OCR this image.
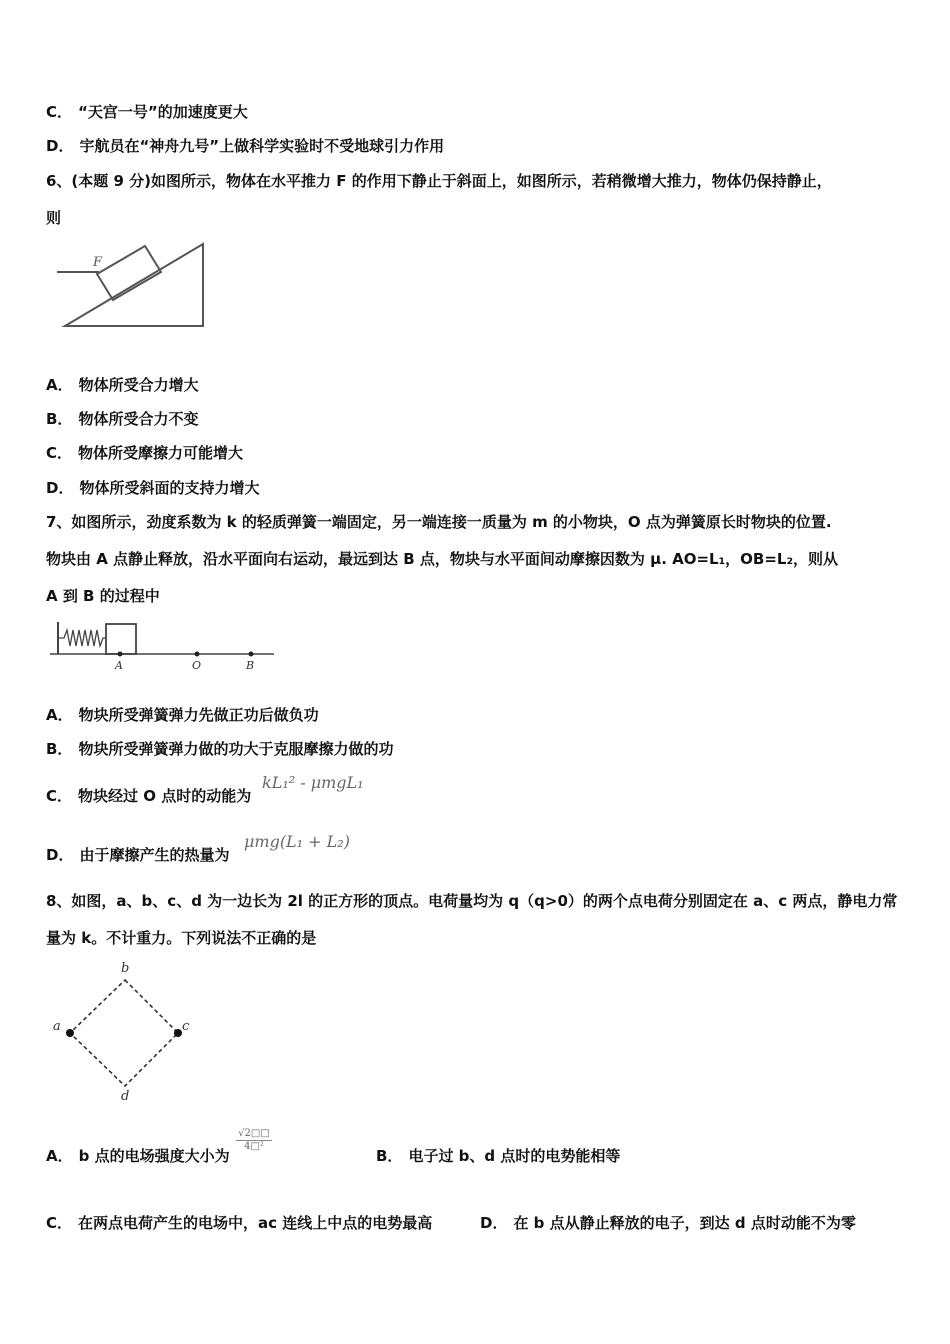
C． “天宫一号”的加速度更大
D． 宇航员在“神舟九号”上做科学实验时不受地球引力作用
6、(本题 9 分)如图所示，物体在水平推力 F 的作用下静止于斜面上，如图所示，若稍微增大推力，物体仍保持静止，
则
F
A． 物体所受合力增大
B． 物体所受合力不变
C． 物体所受摩擦力可能增大
D． 物体所受斜面的支持力增大
7、如图所示，劲度系数为 k 的轻质弹簧一端固定，另一端连接一质量为 m 的小物块，O 点为弹簧原长时物块的位置.
物块由 A 点静止释放，沿水平面向右运动，最远到达 B 点，物块与水平面间动摩擦因数为 μ. AO=L₁，OB=L₂，则从
A 到 B 的过程中
A	O	B
A． 物块所受弹簧弹力先做正功后做负功
B． 物块所受弹簧弹力做的功大于克服摩擦力做的功
C． 物块经过 O 点时的动能为
kL₁² - μmgL₁
D． 由于摩擦产生的热量为
μmg(L₁ + L₂)
8、如图，a、b、c、d 为一边长为 2l 的正方形的顶点。电荷量均为 q（q>0）的两个点电荷分别固定在 a、c 两点，静电力常
量为 k。不计重力。下列说法不正确的是
b
a	c
d
A． b 点的电场强度大小为
$\frac{√2□□}{\text{4□²}}$
B． 电子过 b、d 点时的电势能相等
C． 在两点电荷产生的电场中，ac 连线上中点的电势最高	D． 在 b 点从静止释放的电子，到达 d 点时动能不为零
